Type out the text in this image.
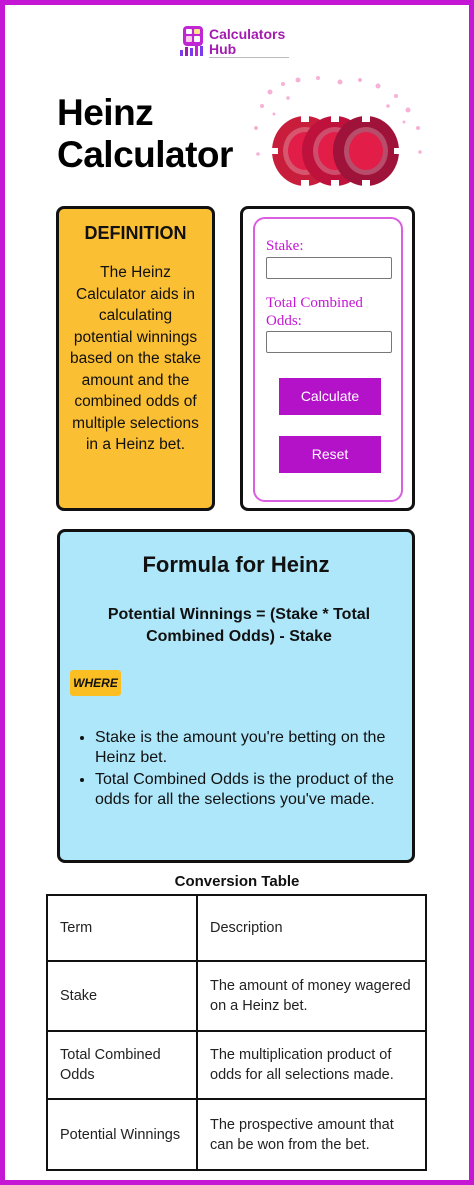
Calculators
Hub
Heinz
Calculator
DEFINITION
The Heinz Calculator aids in calculating potential winnings based on the stake amount and the combined odds of multiple selections in a Heinz bet.
Stake:
Total Combined
Odds:
Calculate
Reset
Formula for Heinz
Potential Winnings = (Stake * Total
Combined Odds) - Stake
WHERE
• Stake is the amount you're betting on the Heinz bet.
• Total Combined Odds is the product of the odds for all the selections you've made.
Conversion Table
Term	Description
Stake	The amount of money wagered on a Heinz bet.
Total Combined Odds	The multiplication product of odds for all selections made.
Potential Winnings	The prospective amount that can be won from the bet.
